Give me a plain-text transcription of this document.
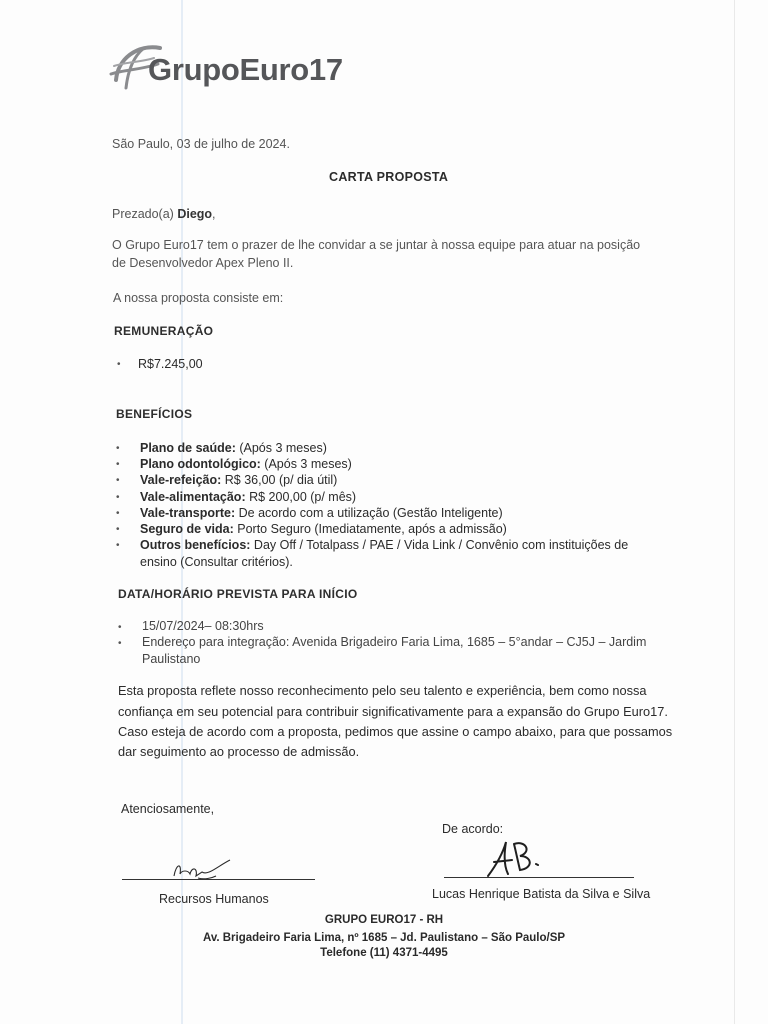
GrupoEuro17
São Paulo, 03 de julho de 2024.
CARTA PROPOSTA
Prezado(a) Diego,
O Grupo Euro17 tem o prazer de lhe convidar a se juntar à nossa equipe para atuar na posição
de Desenvolvedor Apex Pleno II.
A nossa proposta consiste em:
REMUNERAÇÃO
• R$7.245,00
BENEFÍCIOS
• Plano de saúde: (Após 3 meses)
• Plano odontológico: (Após 3 meses)
• Vale-refeição: R$ 36,00 (p/ dia útil)
• Vale-alimentação: R$ 200,00 (p/ mês)
• Vale-transporte: De acordo com a utilização (Gestão Inteligente)
• Seguro de vida: Porto Seguro (Imediatamente, após a admissão)
• Outros benefícios: Day Off / Totalpass / PAE / Vida Link / Convênio com instituições de
ensino (Consultar critérios).
DATA/HORÁRIO PREVISTA PARA INÍCIO
• 15/07/2024– 08:30hrs
• Endereço para integração: Avenida Brigadeiro Faria Lima, 1685 – 5°andar – CJ5J – Jardim
Paulistano
Esta proposta reflete nosso reconhecimento pelo seu talento e experiência, bem como nossa
confiança em seu potencial para contribuir significativamente para a expansão do Grupo Euro17.
Caso esteja de acordo com a proposta, pedimos que assine o campo abaixo, para que possamos
dar seguimento ao processo de admissão.
Atenciosamente,
De acordo:
Recursos Humanos	Lucas Henrique Batista da Silva e Silva
GRUPO EURO17 - RH
Av. Brigadeiro Faria Lima, nº 1685 – Jd. Paulistano – São Paulo/SP
Telefone (11) 4371-4495
